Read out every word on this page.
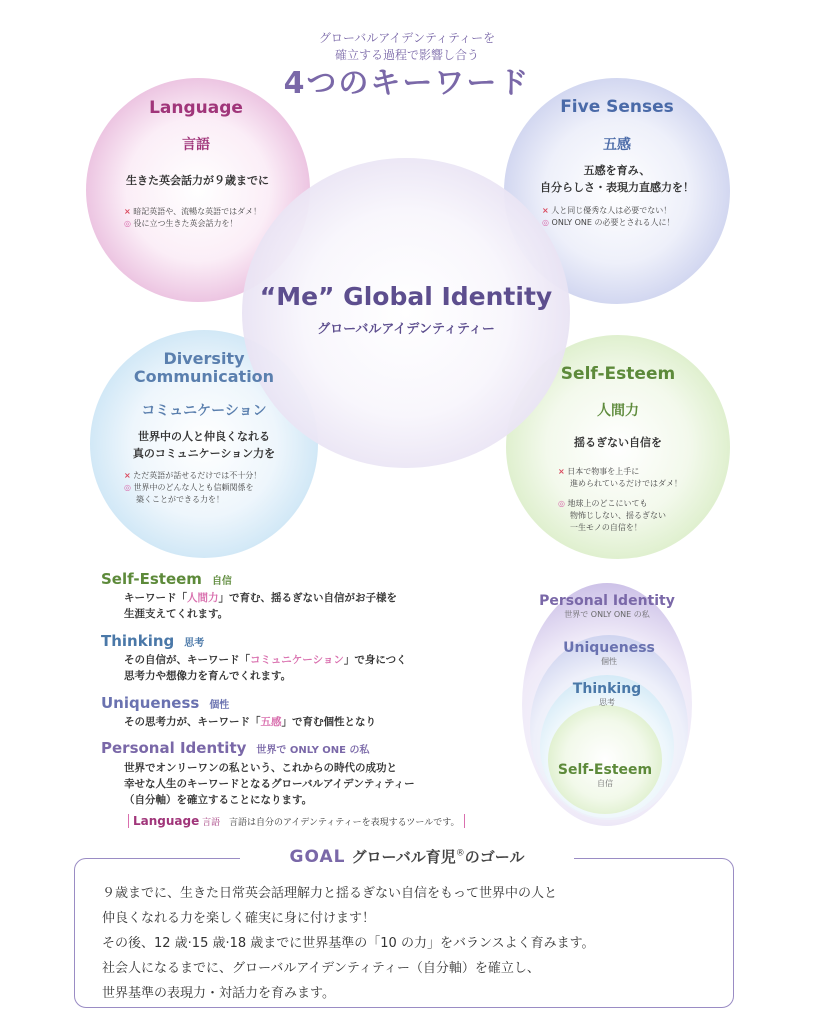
グローバルアイデンティティーを
確立する過程で影響し合う
4つのキーワード
Language
言語
生きた英会話力が９歳までに
× 暗記英語や、流暢な英語ではダメ！
◎ 役に立つ生きた英会話力を！
Five Senses
五感
五感を育み、
自分らしさ・表現力直感力を！
× 人と同じ優秀な人は必要でない！
◎ ONLY ONE の必要とされる人に！
“Me” Global Identity
グローバルアイデンティティー
Diversity
Communication
コミュニケーション
世界中の人と仲良くなれる
真のコミュニケーション力を
× ただ英語が話せるだけでは不十分！
◎ 世界中のどんな人とも信頼関係を
築くことができる力を！
Self-Esteem
人間力
揺るぎない自信を
× 日本で物事を上手に
進められているだけではダメ！
◎ 地球上のどこにいても
物怖じしない、揺るぎない
一生モノの自信を！
Self-Esteem 自信
キーワード「人間力」で育む、揺るぎない自信がお子様を
生涯支えてくれます。
Thinking 思考
その自信が、キーワード「コミュニケーション」で身につく
思考力や想像力を育んでくれます。
Uniqueness 個性
その思考力が、キーワード「五感」で育む個性となり
Personal Identity 世界で ONLY ONE の私
世界でオンリーワンの私という、これからの時代の成功と
幸せな人生のキーワードとなるグローバルアイデンティティー
（自分軸）を確立することになります。
Language 言語 言語は自分のアイデンティティーを表現するツールです。
Personal Identity
世界で ONLY ONE の私
Uniqueness
個性
Thinking
思考
Self-Esteem
自信
GOAL グローバル育児®のゴール
９歳までに、生きた日常英会話理解力と揺るぎない自信をもって世界中の人と
仲良くなれる力を楽しく確実に身に付けます！
その後、12 歳·15 歳·18 歳までに世界基準の「10 の力」をバランスよく育みます。
社会人になるまでに、グローバルアイデンティティー（自分軸）を確立し、
世界基準の表現力・対話力を育みます。
